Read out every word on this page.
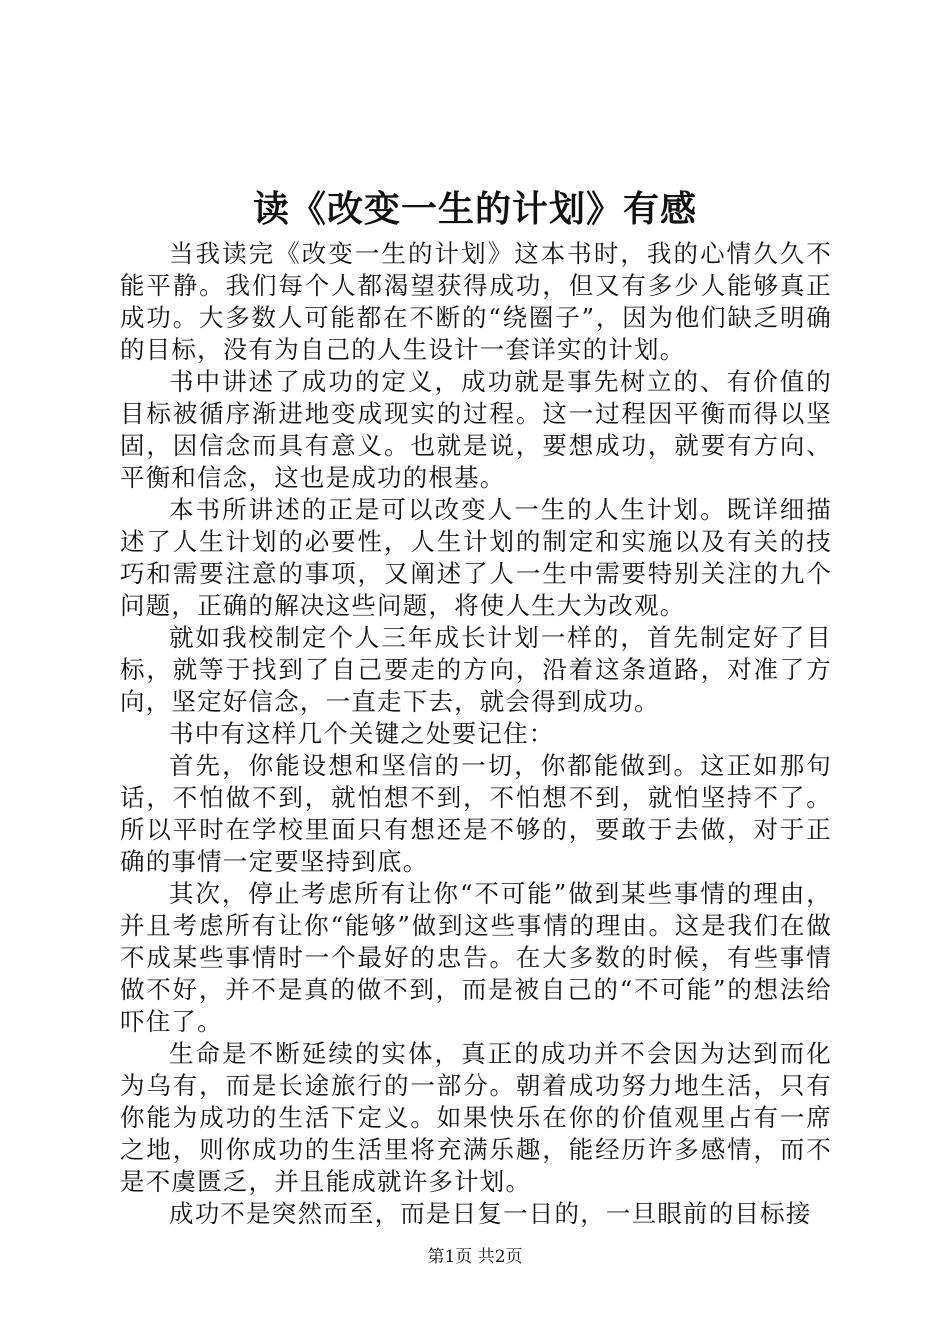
读《改变一生的计划》有感

当我读完《改变一生的计划》这本书时，我的心情久久不能平静。我们每个人都渴望获得成功，但又有多少人能够真正成功。大多数人可能都在不断的“绕圈子”，因为他们缺乏明确的目标，没有为自己的人生设计一套详实的计划。

书中讲述了成功的定义，成功就是事先树立的、有价值的目标被循序渐进地变成现实的过程。这一过程因平衡而得以坚固，因信念而具有意义。也就是说，要想成功，就要有方向、平衡和信念，这也是成功的根基。

本书所讲述的正是可以改变人一生的人生计划。既详细描述了人生计划的必要性，人生计划的制定和实施以及有关的技巧和需要注意的事项，又阐述了人一生中需要特别关注的九个问题，正确的解决这些问题，将使人生大为改观。

就如我校制定个人三年成长计划一样的，首先制定好了目标，就等于找到了自己要走的方向，沿着这条道路，对准了方向，坚定好信念，一直走下去，就会得到成功。

书中有这样几个关键之处要记住：

首先，你能设想和坚信的一切，你都能做到。这正如那句话，不怕做不到，就怕想不到，不怕想不到，就怕坚持不了。所以平时在学校里面只有想还是不够的，要敢于去做，对于正确的事情一定要坚持到底。

其次，停止考虑所有让你“不可能”做到某些事情的理由，并且考虑所有让你“能够”做到这些事情的理由。这是我们在做不成某些事情时一个最好的忠告。在大多数的时候，有些事情做不好，并不是真的做不到，而是被自己的“不可能”的想法给吓住了。

生命是不断延续的实体，真正的成功并不会因为达到而化为乌有，而是长途旅行的一部分。朝着成功努力地生活，只有你能为成功的生活下定义。如果快乐在你的价值观里占有一席之地，则你成功的生活里将充满乐趣，能经历许多感情，而不是不虞匮乏，并且能成就许多计划。

成功不是突然而至，而是日复一日的，一旦眼前的目标接

第1页 共2页
